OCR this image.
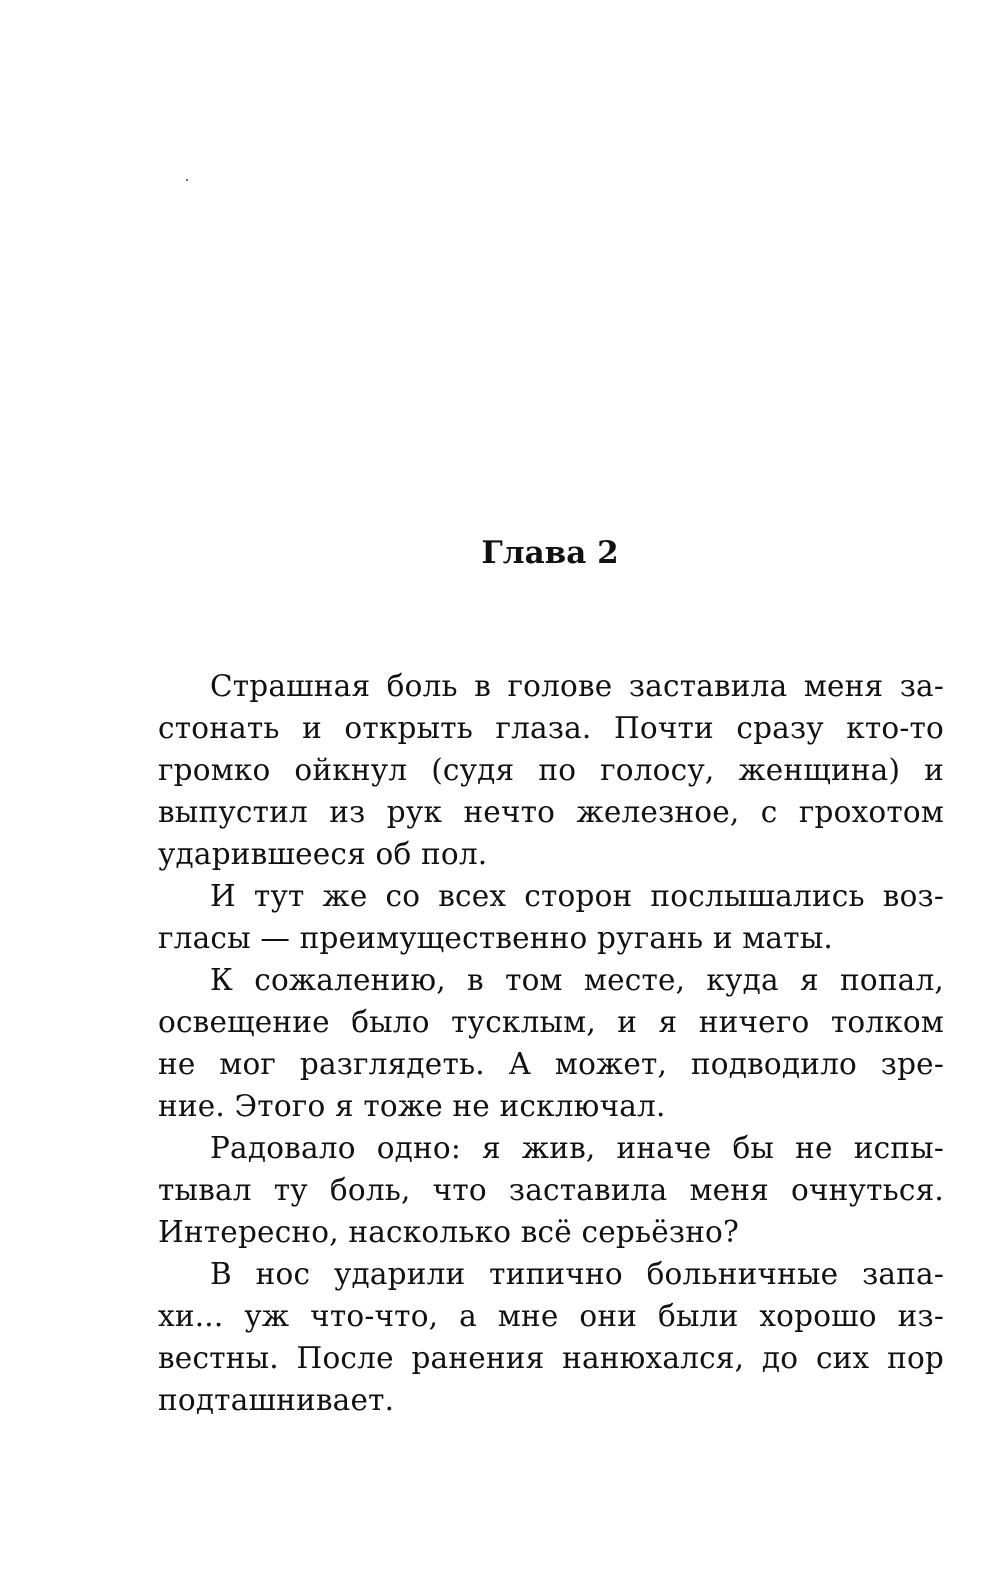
Глава 2
Страшная боль в голове заставила меня за-
стонать и открыть глаза. Почти сразу кто-то
громко ойкнул (судя по голосу, женщина) и
выпустил из рук нечто железное, с грохотом
ударившееся об пол.
И тут же со всех сторон послышались воз-
гласы — преимущественно ругань и маты.
К сожалению, в том месте, куда я попал,
освещение было тусклым, и я ничего толком
не мог разглядеть. А может, подводило зре-
ние. Этого я тоже не исключал.
Радовало одно: я жив, иначе бы не испы-
тывал ту боль, что заставила меня очнуться.
Интересно, насколько всё серьёзно?
В нос ударили типично больничные запа-
хи... уж что-что, а мне они были хорошо из-
вестны. После ранения нанюхался, до сих пор
подташнивает.
